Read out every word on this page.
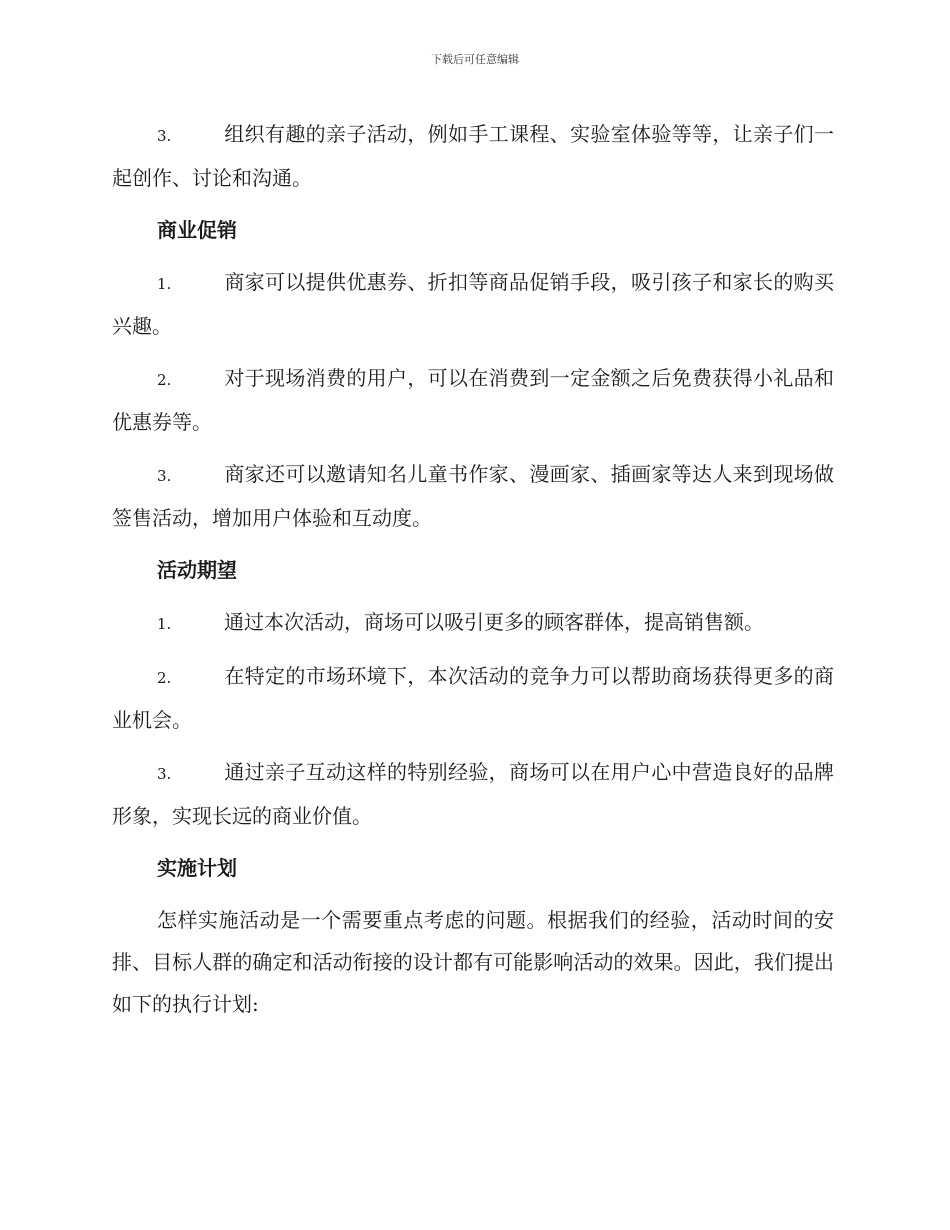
下载后可任意编辑

3.	组织有趣的亲子活动，例如手工课程、实验室体验等等，让亲子们一起创作、讨论和沟通。

商业促销

1.	商家可以提供优惠券、折扣等商品促销手段，吸引孩子和家长的购买兴趣。

2.	对于现场消费的用户，可以在消费到一定金额之后免费获得小礼品和优惠券等。

3.	商家还可以邀请知名儿童书作家、漫画家、插画家等达人来到现场做签售活动，增加用户体验和互动度。

活动期望

1.	通过本次活动，商场可以吸引更多的顾客群体，提高销售额。

2.	在特定的市场环境下，本次活动的竞争力可以帮助商场获得更多的商业机会。

3.	通过亲子互动这样的特别经验，商场可以在用户心中营造良好的品牌形象，实现长远的商业价值。

实施计划

怎样实施活动是一个需要重点考虑的问题。根据我们的经验，活动时间的安排、目标人群的确定和活动衔接的设计都有可能影响活动的效果。因此，我们提出如下的执行计划:
